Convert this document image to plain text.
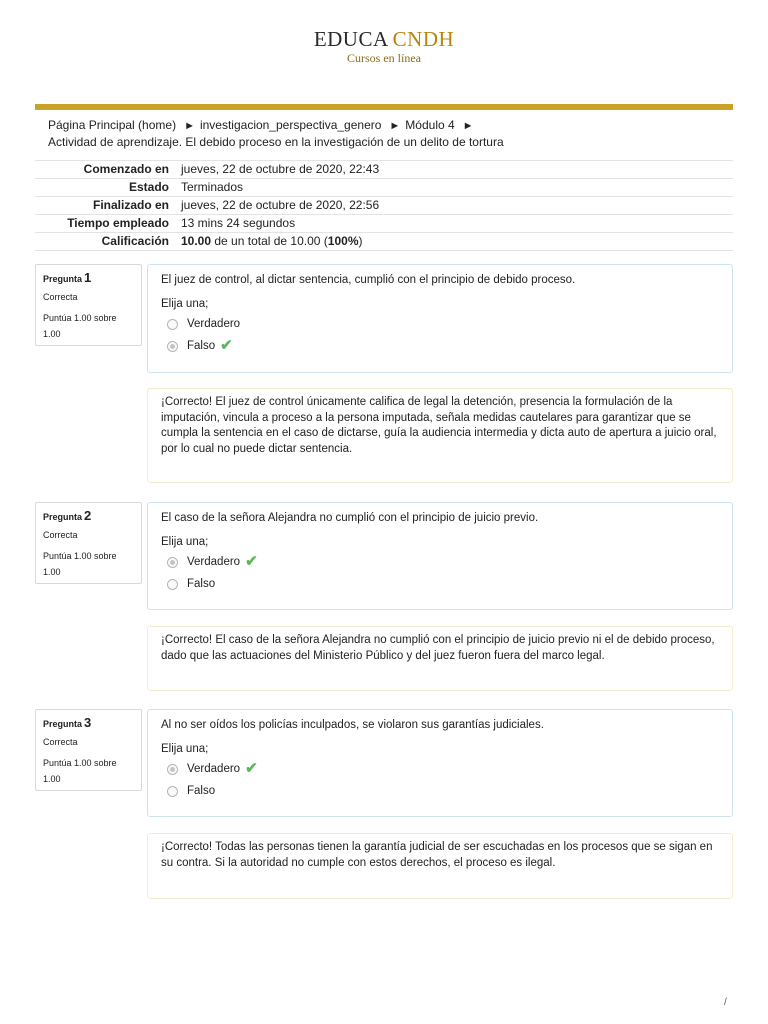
EDUCA CNDH
Cursos en línea
Página Principal (home) ► investigacion_perspectiva_genero ► Módulo 4 ►
Actividad de aprendizaje. El debido proceso en la investigación de un delito de tortura
Comenzado en	jueves, 22 de octubre de 2020, 22:43
Estado	Terminados
Finalizado en	jueves, 22 de octubre de 2020, 22:56
Tiempo empleado	13 mins 24 segundos
Calificación	10.00 de un total de 10.00 (100%)
Pregunta 1
Correcta
Puntúa 1.00 sobre 1.00
El juez de control, al dictar sentencia, cumplió con el principio de debido proceso.
Elija una;
Verdadero
Falso ✔
¡Correcto! El juez de control únicamente califica de legal la detención, presencia la formulación de la imputación, vincula a proceso a la persona imputada, señala medidas cautelares para garantizar que se cumpla la sentencia en el caso de dictarse, guía la audiencia intermedia y dicta auto de apertura a juicio oral, por lo cual no puede dictar sentencia.
Pregunta 2
Correcta
Puntúa 1.00 sobre 1.00
El caso de la señora Alejandra no cumplió con el principio de juicio previo.
Elija una;
Verdadero ✔
Falso
¡Correcto! El caso de la señora Alejandra no cumplió con el principio de juicio previo ni el de debido proceso, dado que las actuaciones del Ministerio Público y del juez fueron fuera del marco legal.
Pregunta 3
Correcta
Puntúa 1.00 sobre 1.00
Al no ser oídos los policías inculpados, se violaron sus garantías judiciales.
Elija una;
Verdadero ✔
Falso
¡Correcto! Todas las personas tienen la garantía judicial de ser escuchadas en los procesos que se sigan en su contra. Si la autoridad no cumple con estos derechos, el proceso es ilegal.
/
